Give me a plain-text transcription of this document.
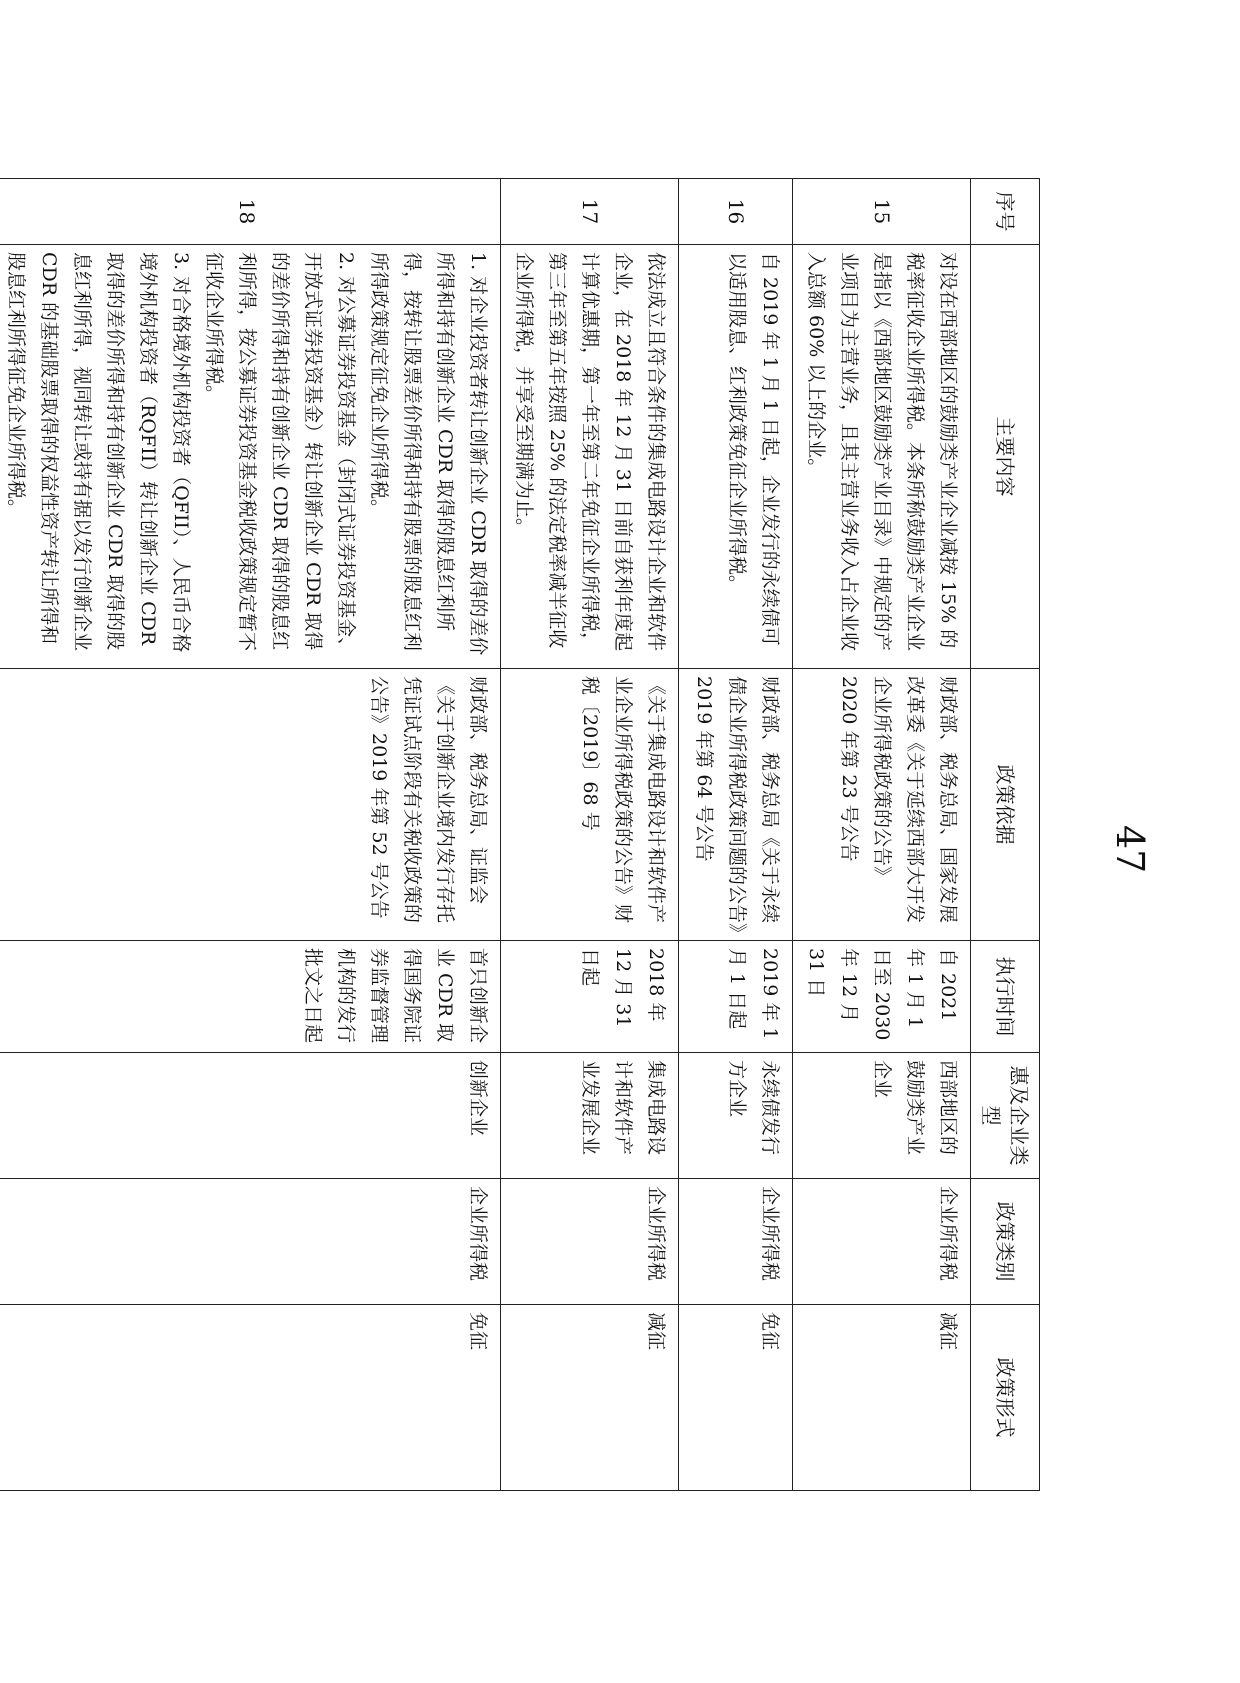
序号	主要内容	政策依据	执行时间	惠及企业类型	政策类别	政策形式
15	对设在西部地区的鼓励类产业企业减按 15% 的税率征收企业所得税。本条所称鼓励类产业企业是指以《西部地区鼓励类产业目录》中规定的产业项目为主营业务，且其主营业务收入占企业收入总额 60% 以上的企业。	财政部、税务总局、国家发展改革委《关于延续西部大开发企业所得税政策的公告》2020 年第 23 号公告	自 2021 年 1 月 1 日至 2030 年 12 月 31 日	西部地区的鼓励类产业企业	企业所得税	减征
16	自 2019 年 1 月 1 日起，企业发行的永续债可以适用股息、红利政策免征企业所得税。	财政部、税务总局《关于永续债企业所得税政策问题的公告》2019 年第 64 号公告	2019 年 1 月 1 日起	永续债发行方企业	企业所得税	免征
17	依法成立且符合条件的集成电路设计企业和软件企业，在 2018 年 12 月 31 日前自获利年度起计算优惠期，第一年至第二年免征企业所得税，第三年至第五年按照 25% 的法定税率减半征收企业所得税，并享受至期满为止。	《关于集成电路设计和软件产业企业所得税政策的公告》财税〔2019〕68 号	2018 年 12 月 31 日起	集成电路设计和软件产业发展企业	企业所得税	减征
18	1. 对企业投资者转让创新企业 CDR 取得的差价所得和持有创新企业 CDR 取得的股息红利所得，按转让股票差价所得和持有股票的股息红利所得政策规定征免企业所得税。
2. 对公募证券投资基金（封闭式证券投资基金、开放式证券投资基金）转让创新企业 CDR 取得的差价所得和持有创新企业 CDR 取得的股息红利所得，按公募证券投资基金税收政策规定暂不征收企业所得税。
3. 对合格境外机构投资者（QFII）、人民币合格境外机构投资者（RQFII）转让创新企业 CDR 取得的差价所得和持有创新企业 CDR 取得的股息红利所得，视同转让或持有据以发行创新企业 CDR 的基础股票取得的权益性资产转让所得和股息红利所得征免企业所得税。	财政部、税务总局、证监会《关于创新企业境内发行存托凭证试点阶段有关税收政策的公告》2019 年第 52 号公告	首只创新企业 CDR 取得国务院证券监督管理机构的发行批文之日起	创新企业	企业所得税	免征
47
